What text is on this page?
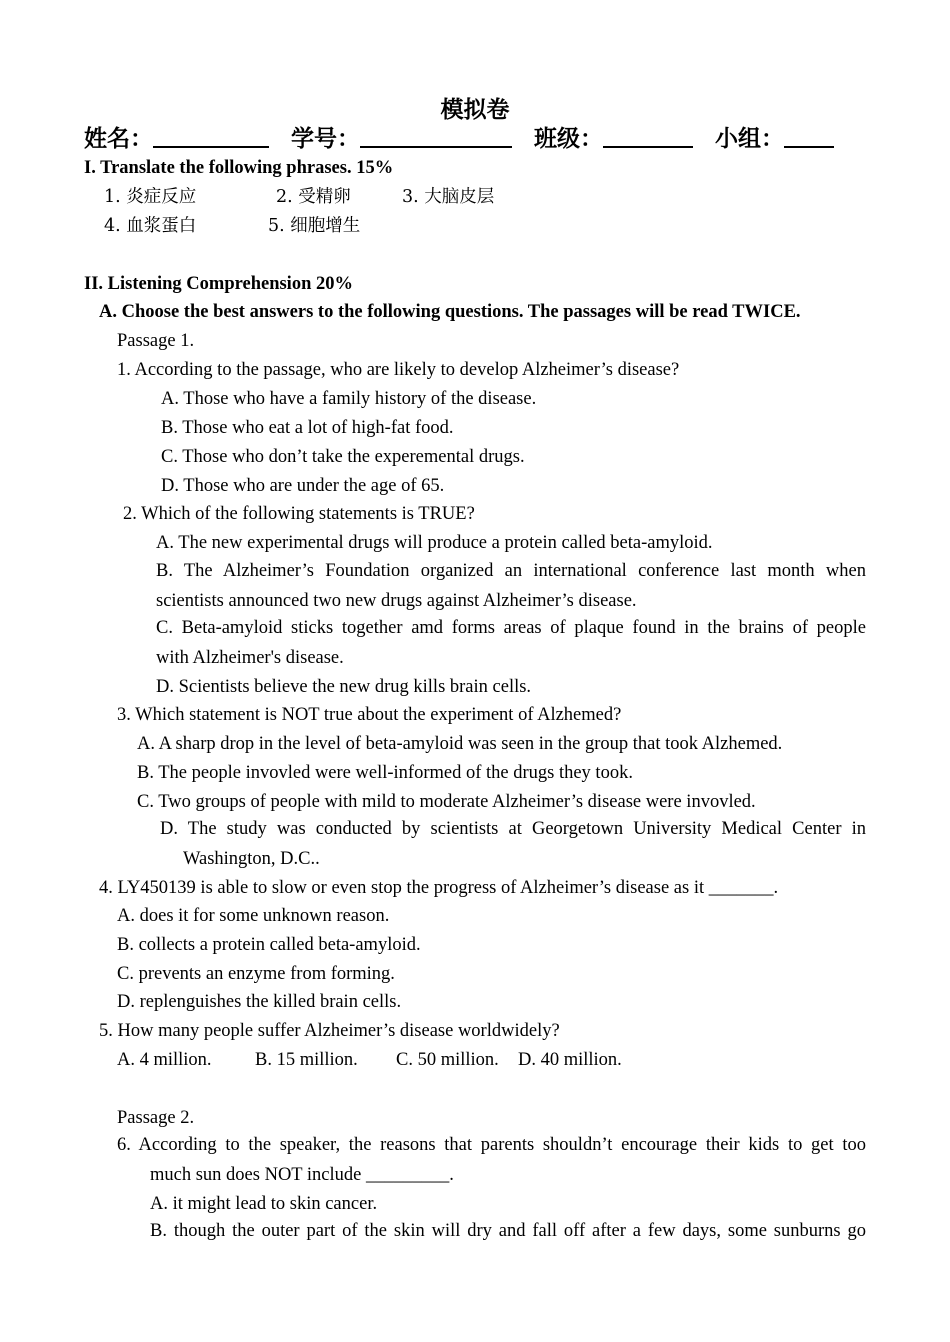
模拟卷
姓名：	学号：	班级：	小组：
I. Translate the following phrases. 15%
1. 炎症反应	2. 受精卵	3. 大脑皮层
4. 血浆蛋白	5. 细胞增生
II. Listening Comprehension 20%
A. Choose the best answers to the following questions. The passages will be read TWICE.
Passage 1.
1. According to the passage, who are likely to develop Alzheimer’s disease?
A. Those who have a family history of the disease.
B. Those who eat a lot of high-fat food.
C. Those who don’t take the experemental drugs.
D. Those who are under the age of 65.
2. Which of the following statements is TRUE?
A. The new experimental drugs will produce a protein called beta-amyloid.
B. The Alzheimer’s Foundation organized an international conference last month when
scientists announced two new drugs against Alzheimer’s disease.
C. Beta-amyloid sticks together amd forms areas of plaque found in the brains of people
with Alzheimer's disease.
D. Scientists believe the new drug kills brain cells.
3. Which statement is NOT true about the experiment of Alzhemed?
A. A sharp drop in the level of beta-amyloid was seen in the group that took Alzhemed.
B. The people invovled were well-informed of the drugs they took.
C. Two groups of people with mild to moderate Alzheimer’s disease were invovled.
D. The study was conducted by scientists at Georgetown University Medical Center in
Washington, D.C..
4. LY450139 is able to slow or even stop the progress of Alzheimer’s disease as it _______.
A. does it for some unknown reason.
B. collects a protein called beta-amyloid.
C. prevents an enzyme from forming.
D. replenguishes the killed brain cells.
5. How many people suffer Alzheimer’s disease worldwidely?
A. 4 million. B. 15 million. C. 50 million. D. 40 million.
Passage 2.
6. According to the speaker, the reasons that parents shouldn’t encourage their kids to get too
much sun does NOT include _________.
A. it might lead to skin cancer.
B. though the outer part of the skin will dry and fall off after a few days, some sunburns go
